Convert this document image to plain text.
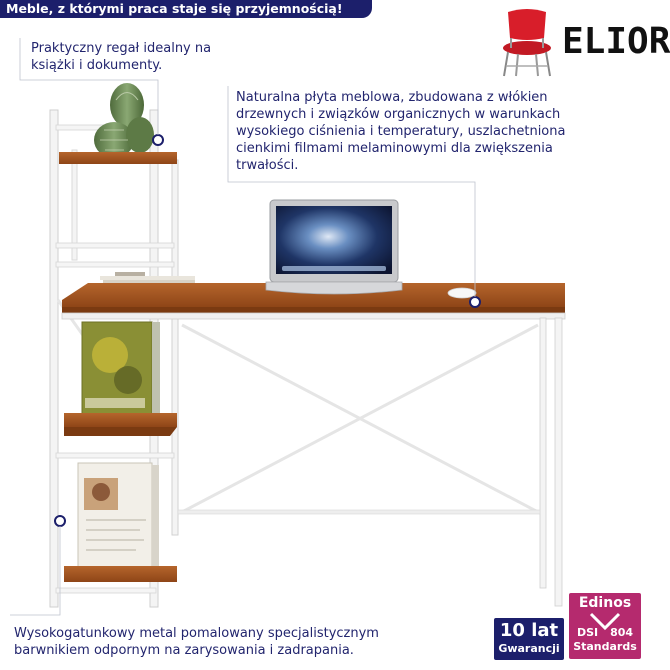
Meble, z którymi praca staje się przyjemnością!
ELIOR
Praktyczny regał idealny na
książki i dokumenty.
Naturalna płyta meblowa, zbudowana z włókien
drzewnych i związków organicznych w warunkach
wysokiego ciśnienia i temperatury, uszlachetniona
cienkimi filmami melaminowymi dla zwiększenia
trwałości.
Wysokogatunkowy metal pomalowany specjalistycznym
barwnikiem odpornym na zarysowania i zadrapania.
10 lat
Gwarancji
Edinos
DSI 804
Standards
